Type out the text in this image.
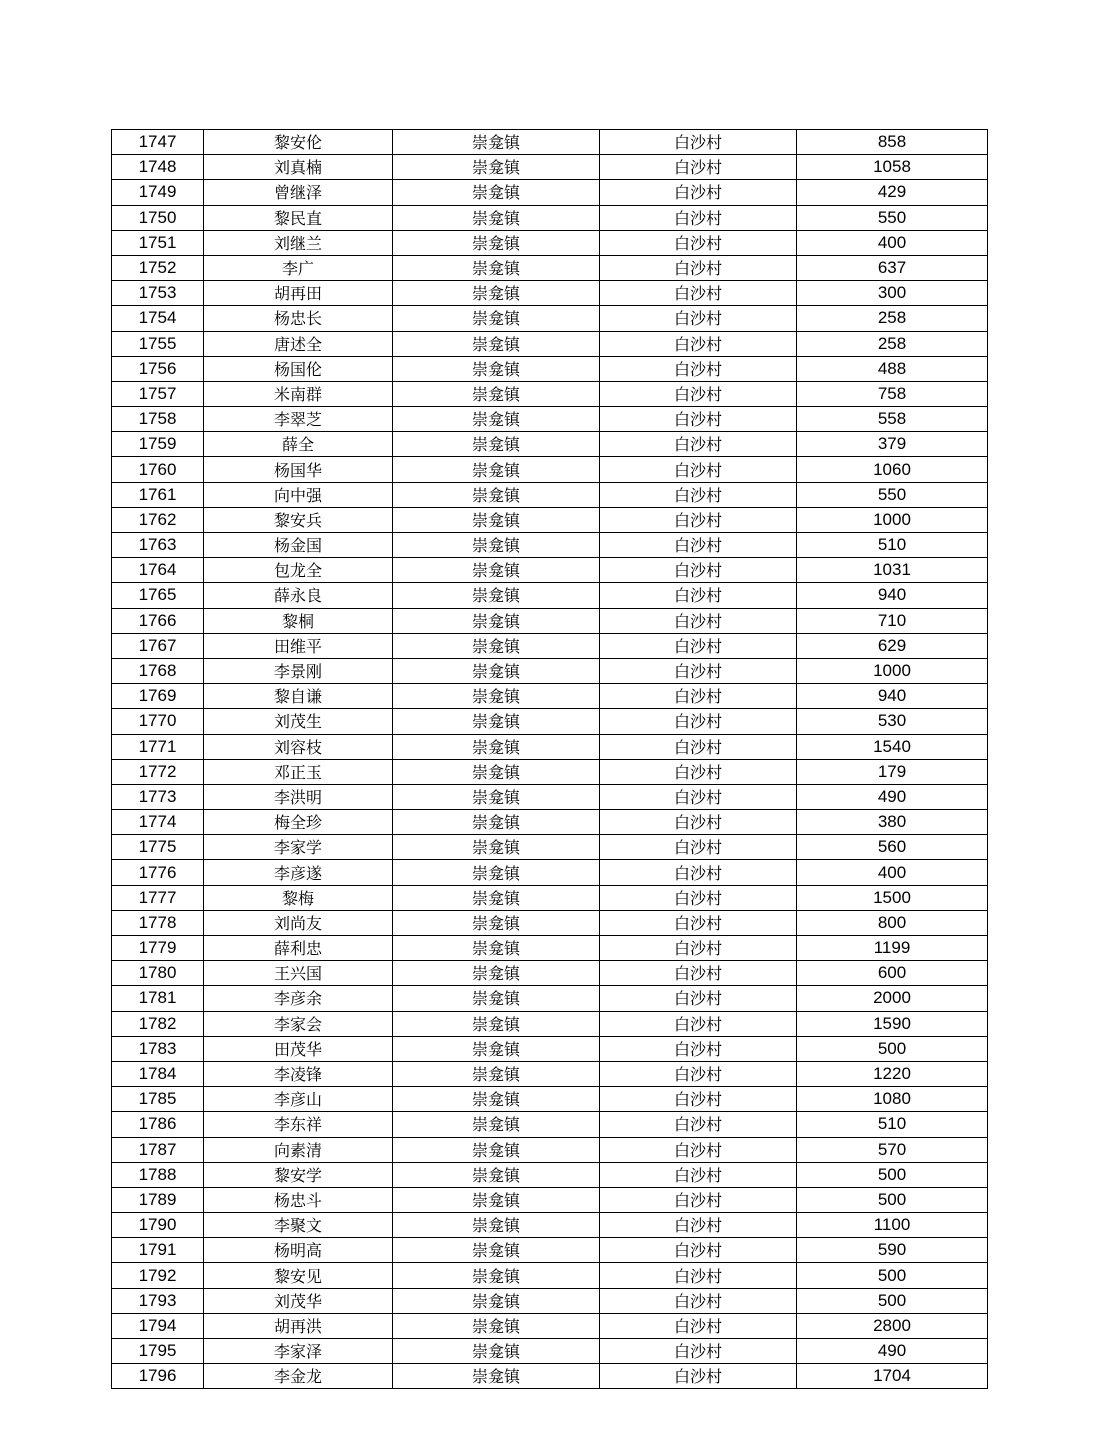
1747	黎安伦	崇龛镇	白沙村	858
1748	刘真楠	崇龛镇	白沙村	1058
1749	曾继泽	崇龛镇	白沙村	429
1750	黎民直	崇龛镇	白沙村	550
1751	刘继兰	崇龛镇	白沙村	400
1752	李广	崇龛镇	白沙村	637
1753	胡再田	崇龛镇	白沙村	300
1754	杨忠长	崇龛镇	白沙村	258
1755	唐述全	崇龛镇	白沙村	258
1756	杨国伦	崇龛镇	白沙村	488
1757	米南群	崇龛镇	白沙村	758
1758	李翠芝	崇龛镇	白沙村	558
1759	薛全	崇龛镇	白沙村	379
1760	杨国华	崇龛镇	白沙村	1060
1761	向中强	崇龛镇	白沙村	550
1762	黎安兵	崇龛镇	白沙村	1000
1763	杨金国	崇龛镇	白沙村	510
1764	包龙全	崇龛镇	白沙村	1031
1765	薛永良	崇龛镇	白沙村	940
1766	黎桐	崇龛镇	白沙村	710
1767	田维平	崇龛镇	白沙村	629
1768	李景刚	崇龛镇	白沙村	1000
1769	黎自谦	崇龛镇	白沙村	940
1770	刘茂生	崇龛镇	白沙村	530
1771	刘容枝	崇龛镇	白沙村	1540
1772	邓正玉	崇龛镇	白沙村	179
1773	李洪明	崇龛镇	白沙村	490
1774	梅全珍	崇龛镇	白沙村	380
1775	李家学	崇龛镇	白沙村	560
1776	李彦遂	崇龛镇	白沙村	400
1777	黎梅	崇龛镇	白沙村	1500
1778	刘尚友	崇龛镇	白沙村	800
1779	薛利忠	崇龛镇	白沙村	1199
1780	王兴国	崇龛镇	白沙村	600
1781	李彦余	崇龛镇	白沙村	2000
1782	李家会	崇龛镇	白沙村	1590
1783	田茂华	崇龛镇	白沙村	500
1784	李凌锋	崇龛镇	白沙村	1220
1785	李彦山	崇龛镇	白沙村	1080
1786	李东祥	崇龛镇	白沙村	510
1787	向素清	崇龛镇	白沙村	570
1788	黎安学	崇龛镇	白沙村	500
1789	杨忠斗	崇龛镇	白沙村	500
1790	李聚文	崇龛镇	白沙村	1100
1791	杨明高	崇龛镇	白沙村	590
1792	黎安见	崇龛镇	白沙村	500
1793	刘茂华	崇龛镇	白沙村	500
1794	胡再洪	崇龛镇	白沙村	2800
1795	李家泽	崇龛镇	白沙村	490
1796	李金龙	崇龛镇	白沙村	1704
